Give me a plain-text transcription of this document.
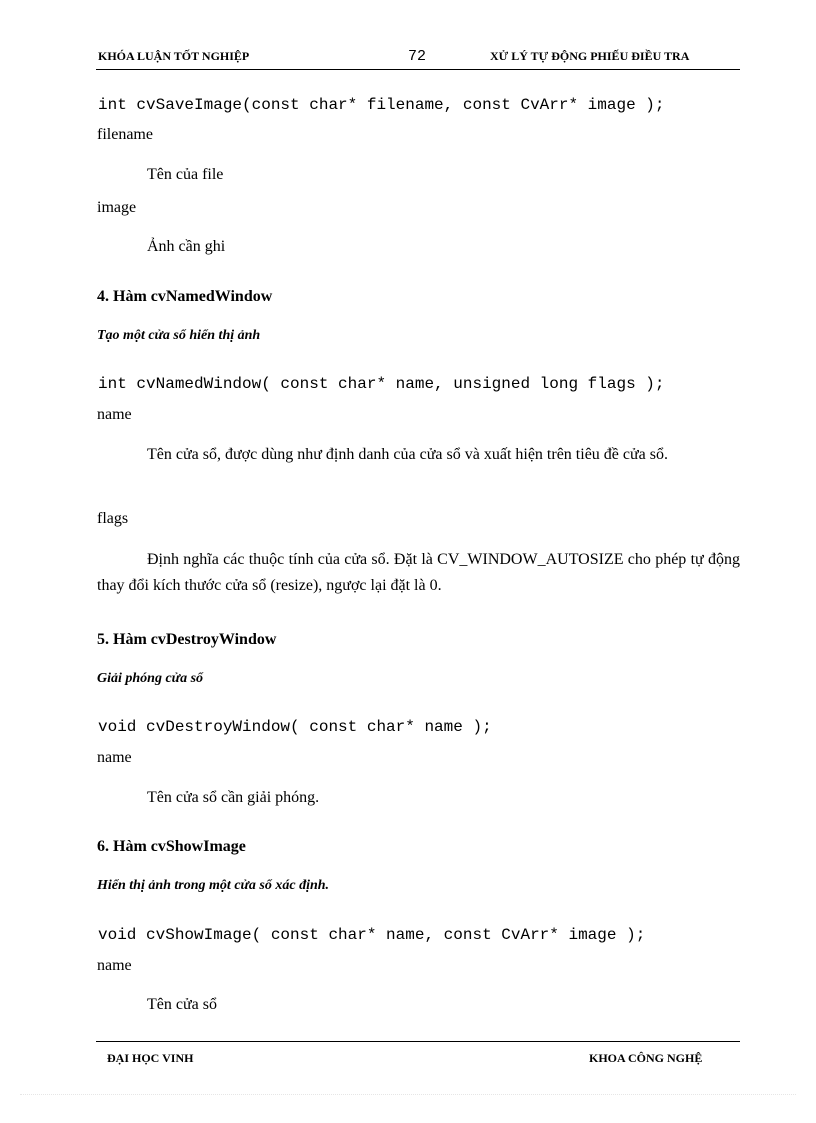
KHÓA LUẬN TỐT NGHIỆP	72	XỬ LÝ TỰ ĐỘNG PHIẾU ĐIỀU TRA
int cvSaveImage(const char* filename, const CvArr* image );
filename
Tên của file
image
Ảnh cần ghi
4. Hàm cvNamedWindow
Tạo một cửa sổ hiển thị ảnh
int cvNamedWindow( const char* name, unsigned long flags );
name
Tên cửa sổ, được dùng như định danh của cửa sổ và xuất hiện trên tiêu đề cửa sổ.
flags
Định nghĩa các thuộc tính của cửa sổ. Đặt là CV_WINDOW_AUTOSIZE cho phép tự động thay đổi kích thước cửa sổ (resize), ngược lại đặt là 0.
5. Hàm cvDestroyWindow
Giải phóng cửa sổ
void cvDestroyWindow( const char* name );
name
Tên cửa sổ cần giải phóng.
6. Hàm cvShowImage
Hiển thị ảnh trong một cửa sổ xác định.
void cvShowImage( const char* name, const CvArr* image );
name
Tên cửa sổ
ĐẠI HỌC VINH	KHOA CÔNG NGHỆ
